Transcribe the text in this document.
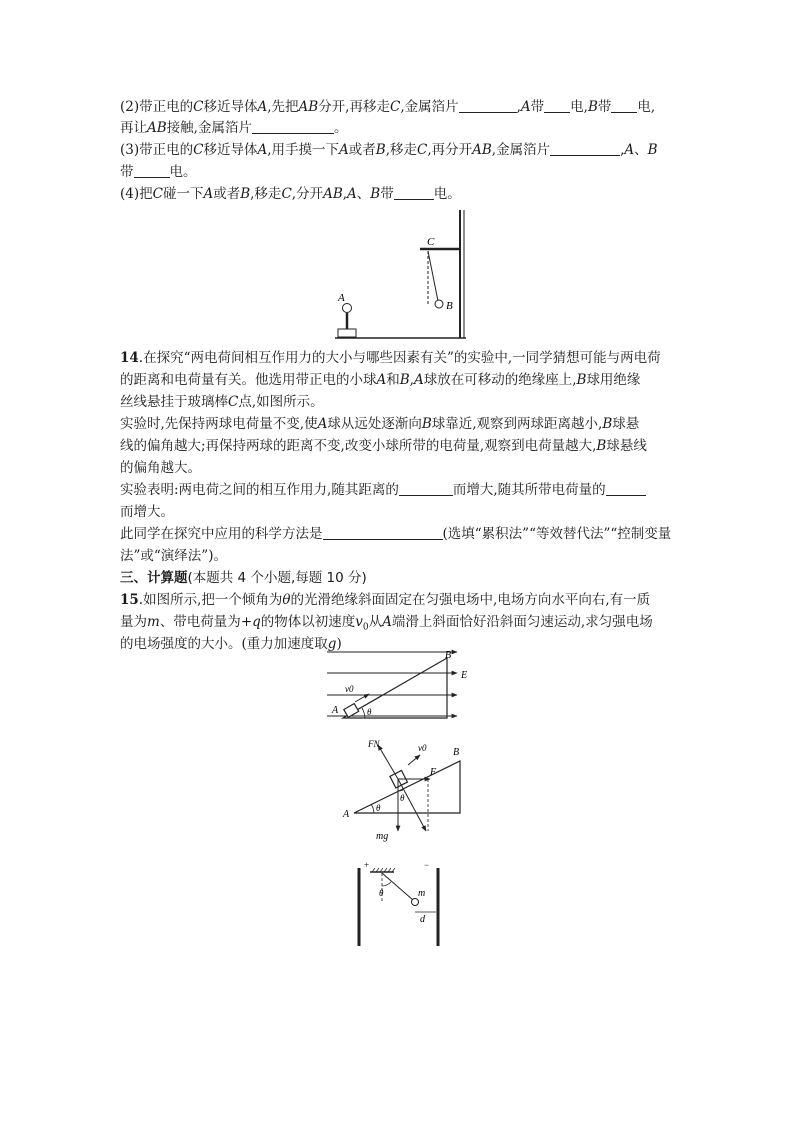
(2)带正电的C移近导体A,先把AB分开,再移走C,金属箔片	,A带 电,B带 电,
再让AB接触,金属箔片	。
(3)带正电的C移近导体A,用手摸一下A或者B,移走C,再分开AB,金属箔片	,A、B
带	电。
(4)把C碰一下A或者B,移走C,分开AB,A、B带	电。
A
B
C
14.在探究“两电荷间相互作用力的大小与哪些因素有关”的实验中,一同学猜想可能与两电荷
的距离和电荷量有关。他选用带正电的小球A和B,A球放在可移动的绝缘座上,B球用绝缘
丝线悬挂于玻璃棒C点,如图所示。
实验时,先保持两球电荷量不变,使A球从远处逐渐向B球靠近,观察到两球距离越小,B球悬
线的偏角越大;再保持两球的距离不变,改变小球所带的电荷量,观察到电荷量越大,B球悬线
的偏角越大。
实验表明:两电荷之间的相互作用力,随其距离的	而增大,随其所带电荷量的
而增大。
此同学在探究中应用的科学方法是	(选填“累积法”“等效替代法”“控制变量
法”或“演绎法”)。
三、计算题(本题共 4 个小题,每题 10 分)
15.如图所示,把一个倾角为θ的光滑绝缘斜面固定在匀强电场中,电场方向水平向右,有一质
量为m、带电荷量为+q的物体以初速度$v_0$从A端滑上斜面恰好沿斜面匀速运动,求匀强电场
的电场强度的大小。(重力加速度取g)
A
B
E
v0
θ
FN	v0	B
F
A
θ
θ
mg
+	−
m
θ
d
